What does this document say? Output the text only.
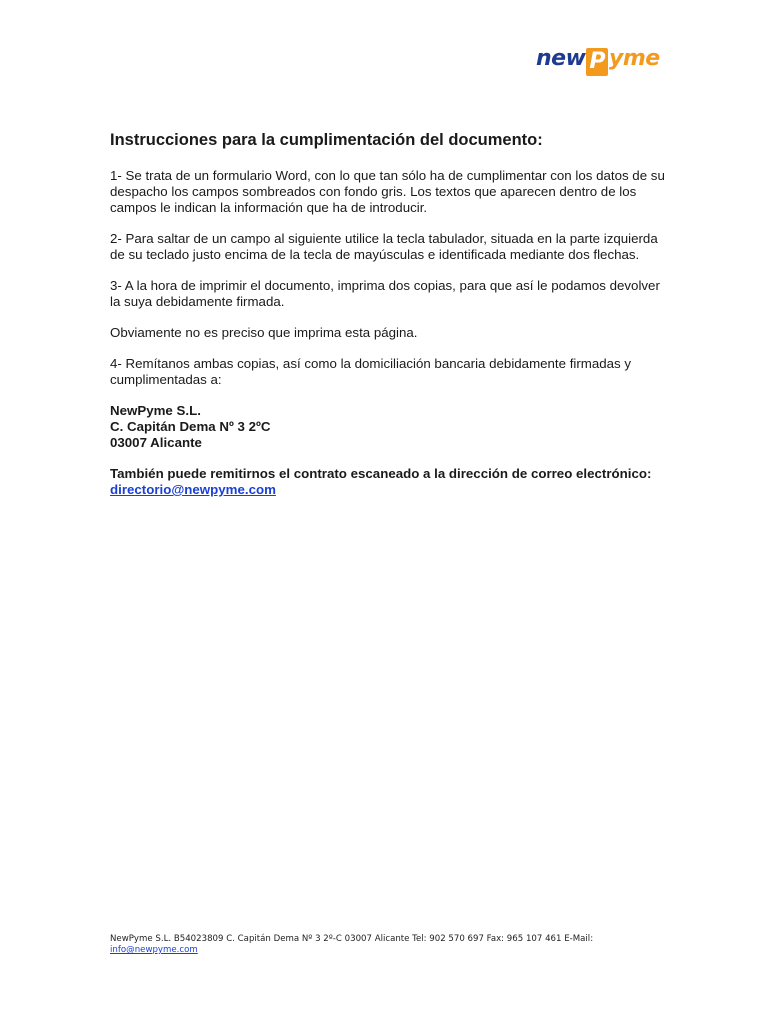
new P yme
Instrucciones para la cumplimentación del documento:

1- Se trata de un formulario Word, con lo que tan sólo ha de cumplimentar con los datos de su despacho los campos sombreados con fondo gris. Los textos que aparecen dentro de los campos le indican la información que ha de introducir.

2- Para saltar de un campo al siguiente utilice la tecla tabulador, situada en la parte izquierda de su teclado justo encima de la tecla de mayúsculas e identificada mediante dos flechas.

3- A la hora de imprimir el documento, imprima dos copias, para que así le podamos devolver la suya debidamente firmada.

Obviamente no es preciso que imprima esta página.

4- Remítanos ambas copias, así como la domiciliación bancaria debidamente firmadas y cumplimentadas a:

NewPyme S.L.
C. Capitán Dema Nº 3 2ºC
03007 Alicante

También puede remitirnos el contrato escaneado a la dirección de correo electrónico: directorio@newpyme.com

NewPyme S.L. B54023809 C. Capitán Dema Nº 3 2º-C 03007 Alicante Tel: 902 570 697 Fax: 965 107 461 E-Mail:
info@newpyme.com
